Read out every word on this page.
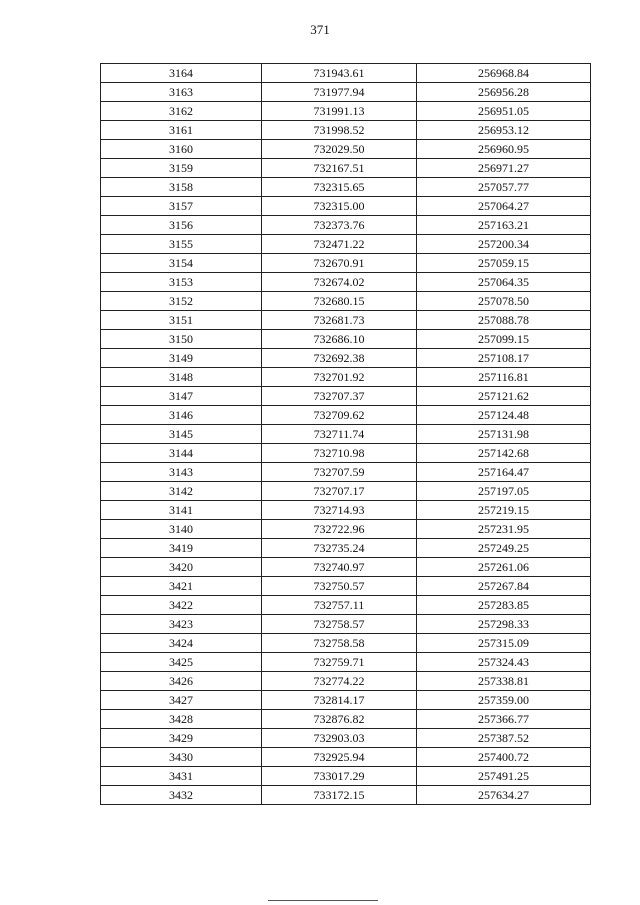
371
3164	731943.61	256968.84
3163	731977.94	256956.28
3162	731991.13	256951.05
3161	731998.52	256953.12
3160	732029.50	256960.95
3159	732167.51	256971.27
3158	732315.65	257057.77
3157	732315.00	257064.27
3156	732373.76	257163.21
3155	732471.22	257200.34
3154	732670.91	257059.15
3153	732674.02	257064.35
3152	732680.15	257078.50
3151	732681.73	257088.78
3150	732686.10	257099.15
3149	732692.38	257108.17
3148	732701.92	257116.81
3147	732707.37	257121.62
3146	732709.62	257124.48
3145	732711.74	257131.98
3144	732710.98	257142.68
3143	732707.59	257164.47
3142	732707.17	257197.05
3141	732714.93	257219.15
3140	732722.96	257231.95
3419	732735.24	257249.25
3420	732740.97	257261.06
3421	732750.57	257267.84
3422	732757.11	257283.85
3423	732758.57	257298.33
3424	732758.58	257315.09
3425	732759.71	257324.43
3426	732774.22	257338.81
3427	732814.17	257359.00
3428	732876.82	257366.77
3429	732903.03	257387.52
3430	732925.94	257400.72
3431	733017.29	257491.25
3432	733172.15	257634.27
